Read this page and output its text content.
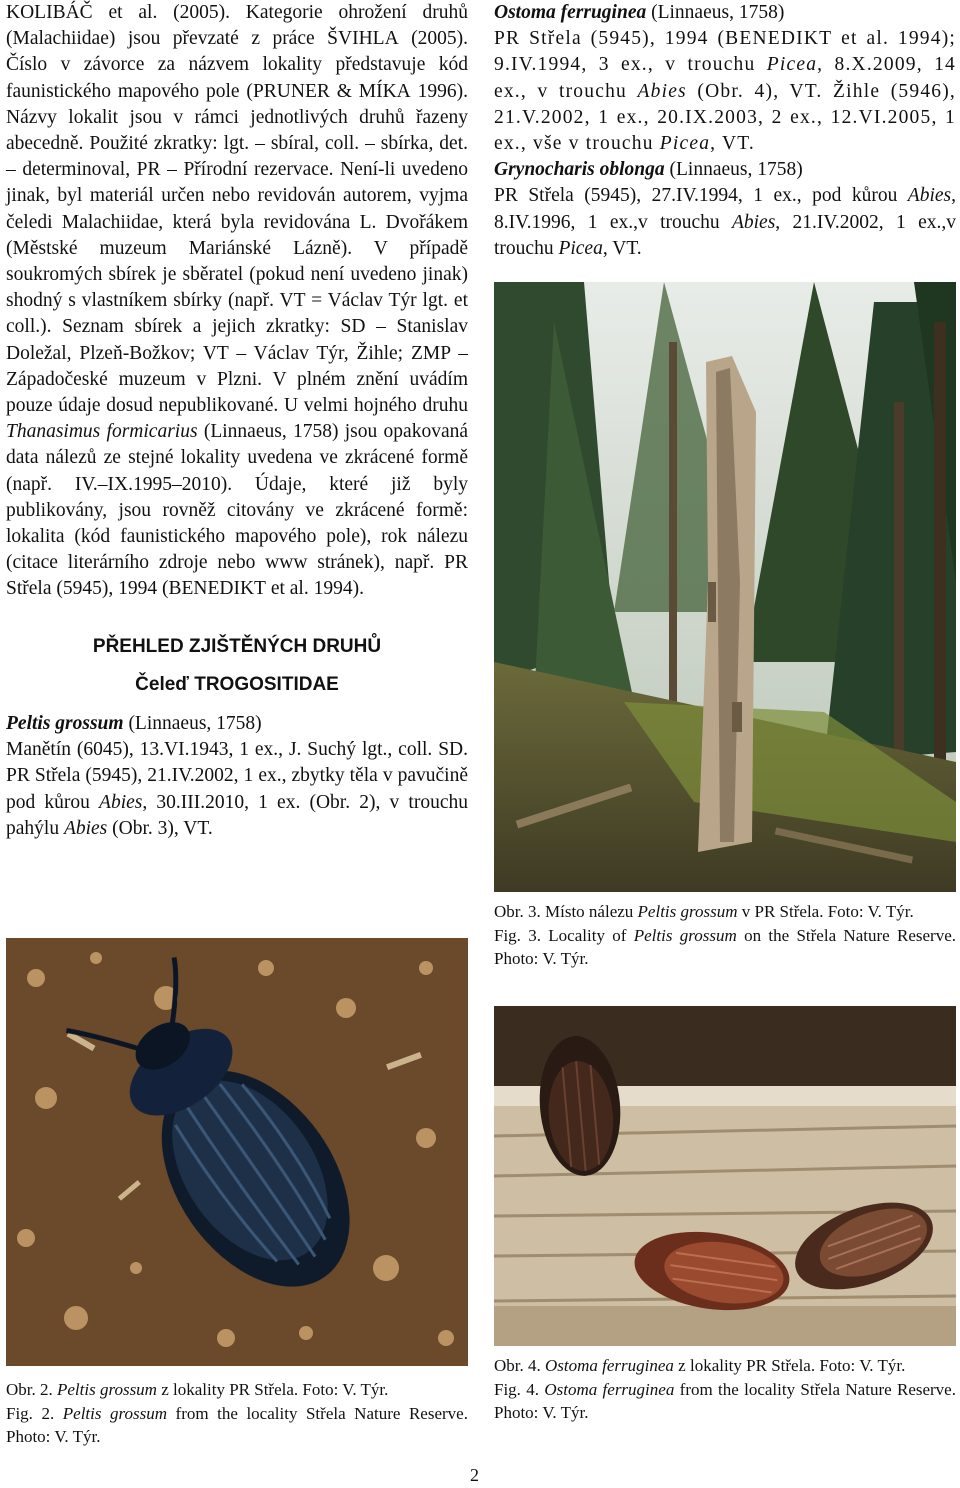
KOLIBÁČ et al. (2005). Kategorie ohrožení druhů (Malachiidae) jsou převzaté z práce ŠVIHLA (2005). Číslo v závorce za názvem lokality představuje kód faunistického mapového pole (PRUNER & MÍKA 1996). Názvy lokalit jsou v rámci jednotlivých druhů řazeny abecedně. Použité zkratky: lgt. – sbíral, coll. – sbírka, det. – determinoval, PR – Přírodní rezervace. Není-li uvedeno jinak, byl materiál určen nebo revidován autorem, vyjma čeledi Malachiidae, která byla revidována L. Dvořákem (Městské muzeum Mariánské Lázně). V případě soukromých sbírek je sběratel (pokud není uvedeno jinak) shodný s vlastníkem sbírky (např. VT = Václav Týr lgt. et coll.). Seznam sbírek a jejich zkratky: SD – Stanislav Doležal, Plzeň-Božkov; VT – Václav Týr, Žihle; ZMP – Západočeské muzeum v Plzni. V plném znění uvádím pouze údaje dosud nepublikované. U velmi hojného druhu Thanasimus formicarius (Linnaeus, 1758) jsou opakovaná data nálezů ze stejné lokality uvedena ve zkrácené formě (např. IV.–IX.1995–2010). Údaje, které již byly publikovány, jsou rovněž citovány ve zkrácené formě: lokalita (kód faunistického mapového pole), rok nálezu (citace literárního zdroje nebo www stránek), např. PR Střela (5945), 1994 (BENEDIKT et al. 1994).

PŘEHLED ZJIŠTĚNÝCH DRUHŮ
Čeleď TROGOSITIDAE

Peltis grossum (Linnaeus, 1758)

Manětín (6045), 13.VI.1943, 1 ex., J. Suchý lgt., coll. SD. PR Střela (5945), 21.IV.2002, 1 ex., zbytky těla v pavučině pod kůrou Abies, 30.III.2010, 1 ex. (Obr. 2), v trouchu pahýlu Abies (Obr. 3), VT.

Ostoma ferruginea (Linnaeus, 1758)

PR Střela (5945), 1994 (BENEDIKT et al. 1994); 9.IV.1994, 3 ex., v trouchu Picea, 8.X.2009, 14 ex., v trouchu Abies (Obr. 4), VT. Žihle (5946), 21.V.2002, 1 ex., 20.IX.2003, 2 ex., 12.VI.2005, 1 ex., vše v trouchu Picea, VT.

Grynocharis oblonga (Linnaeus, 1758)

PR Střela (5945), 27.IV.1994, 1 ex., pod kůrou Abies, 8.IV.1996, 1 ex.,v trouchu Abies, 21.IV.2002, 1 ex.,v trouchu Picea, VT.

Obr. 3. Místo nálezu Peltis grossum v PR Střela. Foto: V. Týr.
Fig. 3. Locality of Peltis grossum on the Střela Nature Reserve. Photo: V. Týr.
Obr. 2. Peltis grossum z lokality PR Střela. Foto: V. Týr.
Fig. 2. Peltis grossum from the locality Střela Nature Reserve. Photo: V. Týr.
Obr. 4. Ostoma ferruginea z lokality PR Střela. Foto: V. Týr.
Fig. 4. Ostoma ferruginea from the locality Střela Nature Reserve. Photo: V. Týr.
2
